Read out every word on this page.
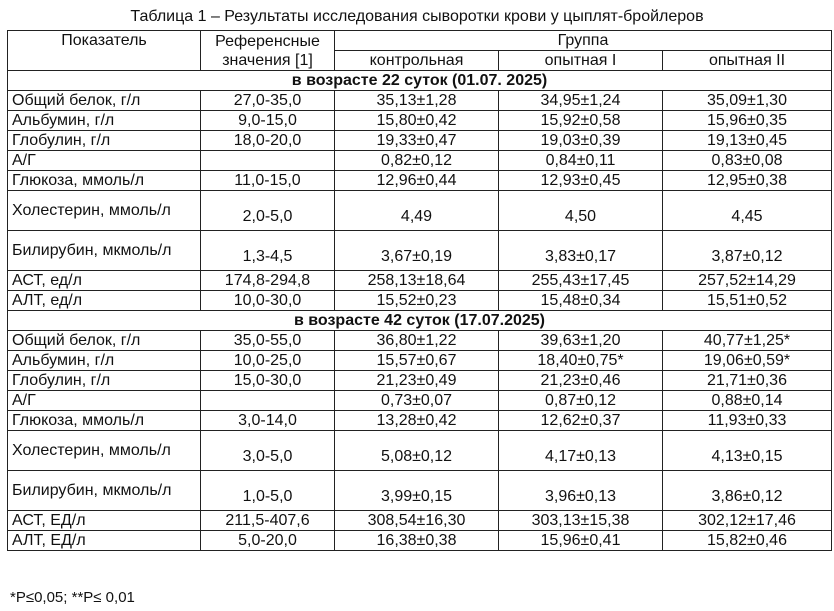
Таблица 1 – Результаты исследования сыворотки крови у цыплят-бройлеров
Показатель	Референсные значения [1]	Группа		
		контрольная	опытная I	опытная II
в возрасте 22 суток (01.07. 2025)				
Общий белок, г/л	27,0-35,0	35,13±1,28	34,95±1,24	35,09±1,30
Альбумин, г/л	9,0-15,0	15,80±0,42	15,92±0,58	15,96±0,35
Глобулин, г/л	18,0-20,0	19,33±0,47	19,03±0,39	19,13±0,45
А/Г		0,82±0,12	0,84±0,11	0,83±0,08
Глюкоза, ммоль/л	11,0-15,0	12,96±0,44	12,93±0,45	12,95±0,38
Холестерин, ммоль/л	2,0-5,0	4,49	4,50	4,45
Билирубин, мкмоль/л	1,3-4,5	3,67±0,19	3,83±0,17	3,87±0,12
АСТ, ед/л	174,8-294,8	258,13±18,64	255,43±17,45	257,52±14,29
АЛТ, ед/л	10,0-30,0	15,52±0,23	15,48±0,34	15,51±0,52
в возрасте 42 суток (17.07.2025)				
Общий белок, г/л	35,0-55,0	36,80±1,22	39,63±1,20	40,77±1,25*
Альбумин, г/л	10,0-25,0	15,57±0,67	18,40±0,75*	19,06±0,59*
Глобулин, г/л	15,0-30,0	21,23±0,49	21,23±0,46	21,71±0,36
А/Г		0,73±0,07	0,87±0,12	0,88±0,14
Глюкоза, ммоль/л	3,0-14,0	13,28±0,42	12,62±0,37	11,93±0,33
Холестерин, ммоль/л	3,0-5,0	5,08±0,12	4,17±0,13	4,13±0,15
Билирубин, мкмоль/л	1,0-5,0	3,99±0,15	3,96±0,13	3,86±0,12
АСТ, ЕД/л	211,5-407,6	308,54±16,30	303,13±15,38	302,12±17,46
АЛТ, ЕД/л	5,0-20,0	16,38±0,38	15,96±0,41	15,82±0,46
*Р≤0,05; **Р≤ 0,01
